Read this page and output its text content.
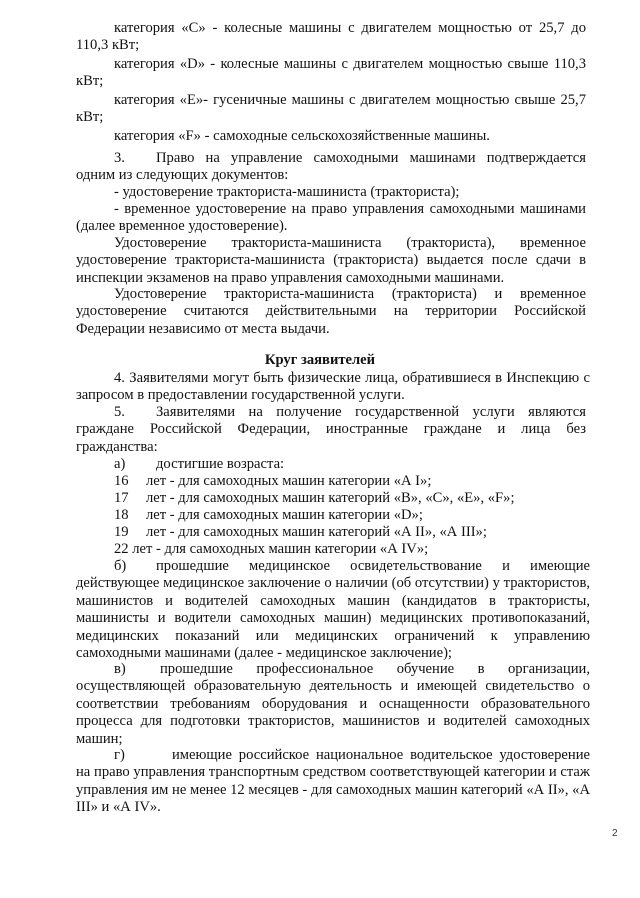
категория «С» - колесные машины с двигателем мощностью от 25,7 до 110,3 кВт;

категория «D» - колесные машины с двигателем мощностью свыше 110,3 кВт;

категория «Е»- гусеничные машины с двигателем мощностью свыше 25,7 кВт;

категория «F» - самоходные сельскохозяйственные машины.

3. Право на управление самоходными машинами подтверждается одним из следующих документов:

- удостоверение тракториста-машиниста (тракториста);

- временное удостоверение на право управления самоходными машинами (далее временное удостоверение).

Удостоверение тракториста-машиниста (тракториста), временное удостоверение тракториста-машиниста (тракториста) выдается после сдачи в инспекции экзаменов на право управления самоходными машинами.

Удостоверение тракториста-машиниста (тракториста) и временное удостоверение считаются действительными на территории Российской Федерации независимо от места выдачи.

Круг заявителей

4. Заявителями могут быть физические лица, обратившиеся в Инспекцию с запросом в предоставлении государственной услуги.

5. Заявителями на получение государственной услуги являются граждане Российской Федерации, иностранные граждане и лица без гражданства:

а) достигшие возраста:

16 лет - для самоходных машин категории «А I»;

17 лет - для самоходных машин категорий «В», «С», «Е», «F»;

18 лет - для самоходных машин категории «D»;

19 лет - для самоходных машин категорий «А II», «А III»;

22 лет - для самоходных машин категории «А IV»;

б) прошедшие медицинское освидетельствование и имеющие действующее медицинское заключение о наличии (об отсутствии) у трактористов, машинистов и водителей самоходных машин (кандидатов в трактористы, машинисты и водители самоходных машин) медицинских противопоказаний, медицинских показаний или медицинских ограничений к управлению самоходными машинами (далее - медицинское заключение);

в) прошедшие профессиональное обучение в организации, осуществляющей образовательную деятельность и имеющей свидетельство о соответствии требованиям оборудования и оснащенности образовательного процесса для подготовки трактористов, машинистов и водителей самоходных машин;

г)	имеющие российское национальное водительское удостоверение на право управления транспортным средством соответствующей категории и стаж управления им не менее 12 месяцев - для самоходных машин категорий «А II», «А III» и «А IV».

2
